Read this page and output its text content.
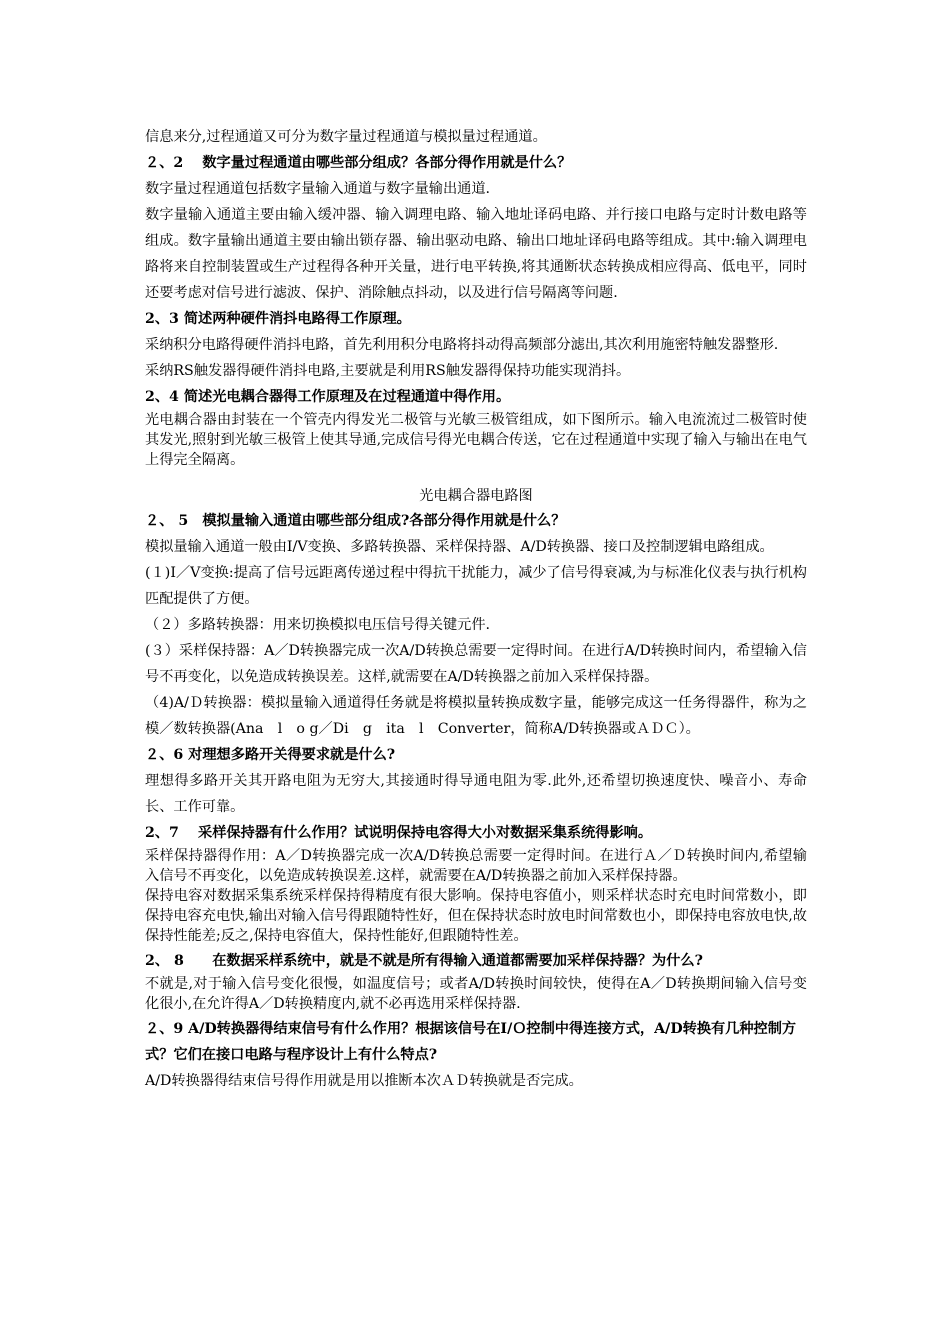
信息来分,过程通道又可分为数字量过程通道与模拟量过程通道。

２、2　 数字量过程通道由哪些部分组成？各部分得作用就是什么？

数字量过程通道包括数字量输入通道与数字量输出通道.

数字量输入通道主要由输入缓冲器、输入调理电路、输入地址译码电路、并行接口电路与定时计数电路等组成。数字量输出通道主要由输出锁存器、输出驱动电路、输出口地址译码电路等组成。其中:输入调理电路将来自控制装置或生产过程得各种开关量，进行电平转换,将其通断状态转换成相应得高、低电平，同时还要考虑对信号进行滤波、保护、消除触点抖动，以及进行信号隔离等问题.

2、3 简述两种硬件消抖电路得工作原理。

采纳积分电路得硬件消抖电路，首先利用积分电路将抖动得高频部分滤出,其次利用施密特触发器整形.

采纳RS触发器得硬件消抖电路,主要就是利用RS触发器得保持功能实现消抖。

2、4 简述光电耦合器得工作原理及在过程通道中得作用。

光电耦合器由封装在一个管壳内得发光二极管与光敏三极管组成，如下图所示。输入电流流过二极管时使其发光,照射到光敏三极管上使其导通,完成信号得光电耦合传送，它在过程通道中实现了输入与输出在电气上得完全隔离。

光电耦合器电路图

２、 5　模拟量输入通道由哪些部分组成?各部分得作用就是什么？

模拟量输入通道一般由I/V变换、多路转换器、采样保持器、A/D转换器、接口及控制逻辑电路组成。

(１)I／V变换:提高了信号远距离传递过程中得抗干扰能力，减少了信号得衰减,为与标准化仪表与执行机构匹配提供了方便。

（２）多路转换器：用来切换模拟电压信号得关键元件.

(３）采样保持器：A／D转换器完成一次A/D转换总需要一定得时间。在进行A/D转换时间内，希望输入信号不再变化，以免造成转换误差。这样,就需要在A/D转换器之前加入采样保持器。

（4)A/Ｄ转换器：模拟量输入通道得任务就是将模拟量转换成数字量，能够完成这一任务得器件，称为之模／数转换器(Ana　l　o g／Di　g　ita　l　Converter，简称A/D转换器或ＡＤＣ）。

２、6 对理想多路开关得要求就是什么?

理想得多路开关其开路电阻为无穷大,其接通时得导通电阻为零.此外,还希望切换速度快、噪音小、寿命长、工作可靠。

2、7　 采样保持器有什么作用？试说明保持电容得大小对数据采集系统得影响。

采样保持器得作用：A／D转换器完成一次A/D转换总需要一定得时间。在进行Ａ／Ｄ转换时间内,希望输入信号不再变化，以免造成转换误差.这样，就需要在A/D转换器之前加入采样保持器。

保持电容对数据采集系统采样保持得精度有很大影响。保持电容值小，则采样状态时充电时间常数小，即保持电容充电快,输出对输入信号得跟随特性好，但在保持状态时放电时间常数也小，即保持电容放电快,故保持性能差;反之,保持电容值大，保持性能好,但跟随特性差。

2、 8　　在数据采样系统中，就是不就是所有得输入通道都需要加采样保持器？为什么?

不就是,对于输入信号变化很慢，如温度信号；或者A/D转换时间较快，使得在A／D转换期间输入信号变化很小,在允许得A／D转换精度内,就不必再选用采样保持器.

２、9 A/D转换器得结束信号有什么作用？根据该信号在I/Ｏ控制中得连接方式，A/D转换有几种控制方式？它们在接口电路与程序设计上有什么特点?

A/D转换器得结束信号得作用就是用以推断本次ＡＤ转换就是否完成。
